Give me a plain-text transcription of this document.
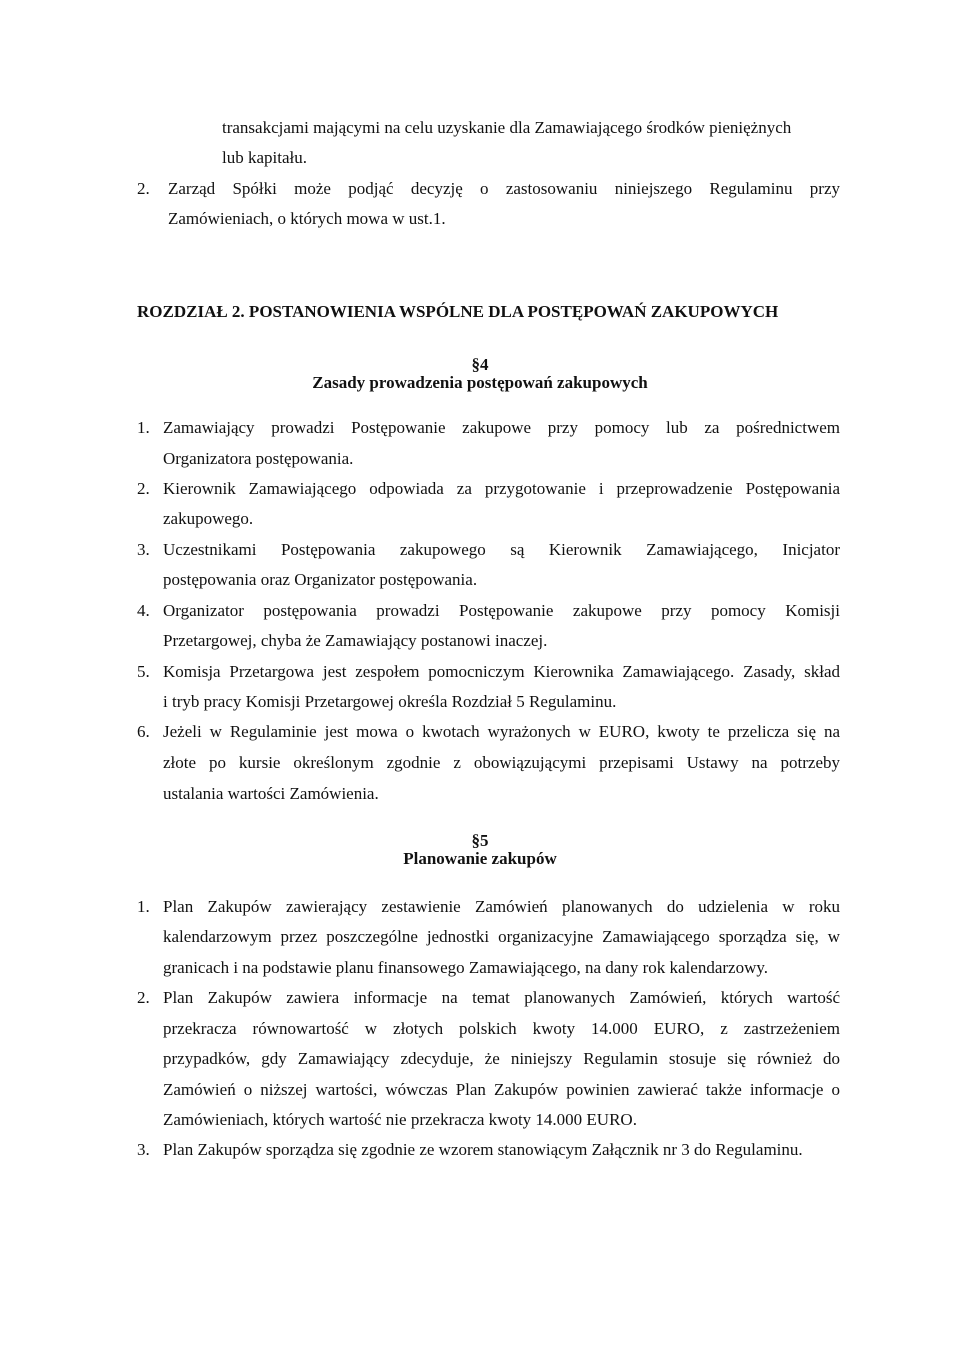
transakcjami mającymi na celu uzyskanie dla Zamawiającego środków pieniężnych
lub kapitału.
2. Zarząd Spółki może podjąć decyzję o zastosowaniu niniejszego Regulaminu przy
Zamówieniach, o których mowa w ust.1.
ROZDZIAŁ 2. POSTANOWIENIA WSPÓLNE DLA POSTĘPOWAŃ ZAKUPOWYCH
§4
Zasady prowadzenia postępowań zakupowych
1. Zamawiający prowadzi Postępowanie zakupowe przy pomocy lub za pośrednictwem
Organizatora postępowania.
2. Kierownik Zamawiającego odpowiada za przygotowanie i przeprowadzenie Postępowania
zakupowego.
3. Uczestnikami Postępowania zakupowego są Kierownik Zamawiającego, Inicjator
postępowania oraz Organizator postępowania.
4. Organizator postępowania prowadzi Postępowanie zakupowe przy pomocy Komisji
Przetargowej, chyba że Zamawiający postanowi inaczej.
5. Komisja Przetargowa jest zespołem pomocniczym Kierownika Zamawiającego. Zasady, skład
i tryb pracy Komisji Przetargowej określa Rozdział 5 Regulaminu.
6. Jeżeli w Regulaminie jest mowa o kwotach wyrażonych w EURO, kwoty te przelicza się na
złote po kursie określonym zgodnie z obowiązującymi przepisami Ustawy na potrzeby
ustalania wartości Zamówienia.
§5
Planowanie zakupów
1. Plan Zakupów zawierający zestawienie Zamówień planowanych do udzielenia w roku
kalendarzowym przez poszczególne jednostki organizacyjne Zamawiającego sporządza się, w
granicach i na podstawie planu finansowego Zamawiającego, na dany rok kalendarzowy.
2. Plan Zakupów zawiera informacje na temat planowanych Zamówień, których wartość
przekracza równowartość w złotych polskich kwoty 14.000 EURO, z zastrzeżeniem
przypadków, gdy Zamawiający zdecyduje, że niniejszy Regulamin stosuje się również do
Zamówień o niższej wartości, wówczas Plan Zakupów powinien zawierać także informacje o
Zamówieniach, których wartość nie przekracza kwoty 14.000 EURO.
3. Plan Zakupów sporządza się zgodnie ze wzorem stanowiącym Załącznik nr 3 do Regulaminu.
